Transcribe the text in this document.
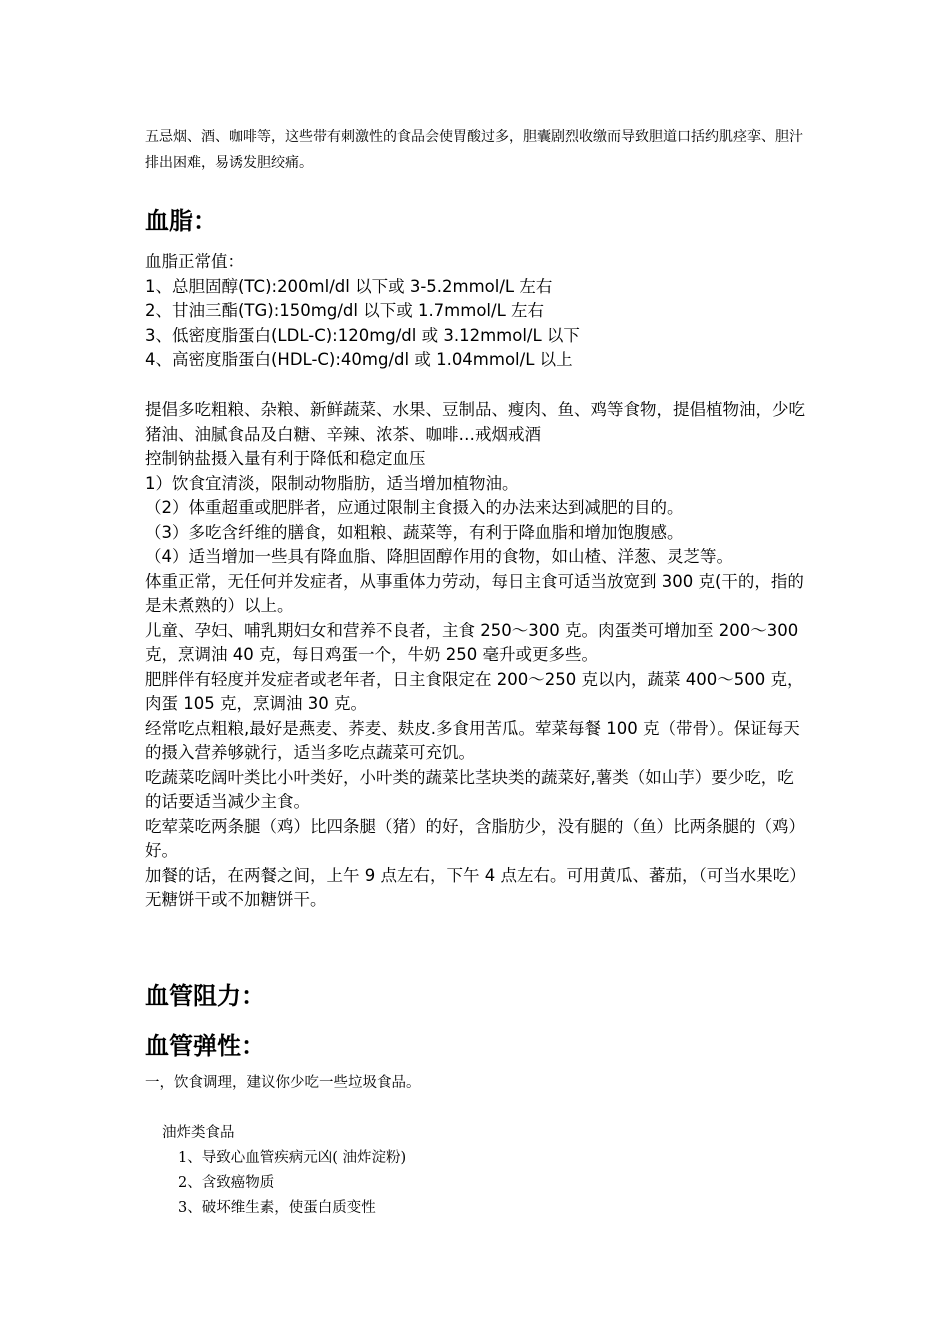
五忌烟、酒、咖啡等，这些带有刺激性的食品会使胃酸过多，胆囊剧烈收缴而导致胆道口括约肌痉挛、胆汁排出困难，易诱发胆绞痛。
血脂：
血脂正常值：
1、总胆固醇(TC):200ml/dl 以下或 3-5.2mmol/L 左右
2、甘油三酯(TG):150mg/dl 以下或 1.7mmol/L 左右
3、低密度脂蛋白(LDL-C):120mg/dl 或 3.12mmol/L 以下
4、高密度脂蛋白(HDL-C):40mg/dl 或 1.04mmol/L 以上
提倡多吃粗粮、杂粮、新鲜蔬菜、水果、豆制品、瘦肉、鱼、鸡等食物，提倡植物油，少吃猪油、油腻食品及白糖、辛辣、浓茶、咖啡…戒烟戒酒
控制钠盐摄入量有利于降低和稳定血压
1）饮食宜清淡，限制动物脂肪，适当增加植物油。
（2）体重超重或肥胖者，应通过限制主食摄入的办法来达到减肥的目的。
（3）多吃含纤维的膳食，如粗粮、蔬菜等，有利于降血脂和增加饱腹感。
（4）适当增加一些具有降血脂、降胆固醇作用的食物，如山楂、洋葱、灵芝等。
体重正常，无任何并发症者，从事重体力劳动，每日主食可适当放宽到 300 克(干的，指的是未煮熟的）以上。
儿童、孕妇、哺乳期妇女和营养不良者，主食 250～300 克。肉蛋类可增加至 200～300 克，烹调油 40 克，每日鸡蛋一个，牛奶 250 毫升或更多些。
肥胖伴有轻度并发症者或老年者，日主食限定在 200～250 克以内，蔬菜 400～500 克，肉蛋 105 克，烹调油 30 克。
经常吃点粗粮,最好是燕麦、荞麦、麸皮.多食用苦瓜。荤菜每餐 100 克（带骨）。保证每天的摄入营养够就行，适当多吃点蔬菜可充饥。
吃蔬菜吃阔叶类比小叶类好，小叶类的蔬菜比茎块类的蔬菜好,薯类（如山芋）要少吃，吃的话要适当减少主食。
吃荤菜吃两条腿（鸡）比四条腿（猪）的好，含脂肪少，没有腿的（鱼）比两条腿的（鸡）好。
加餐的话，在两餐之间，上午 9 点左右，下午 4 点左右。可用黄瓜、蕃茄，（可当水果吃）无糖饼干或不加糖饼干。
血管阻力：
血管弹性：
一，饮食调理，建议你少吃一些垃圾食品。
油炸类食品
1、导致心血管疾病元凶( 油炸淀粉)
2、含致癌物质
3、破坏维生素，使蛋白质变性
